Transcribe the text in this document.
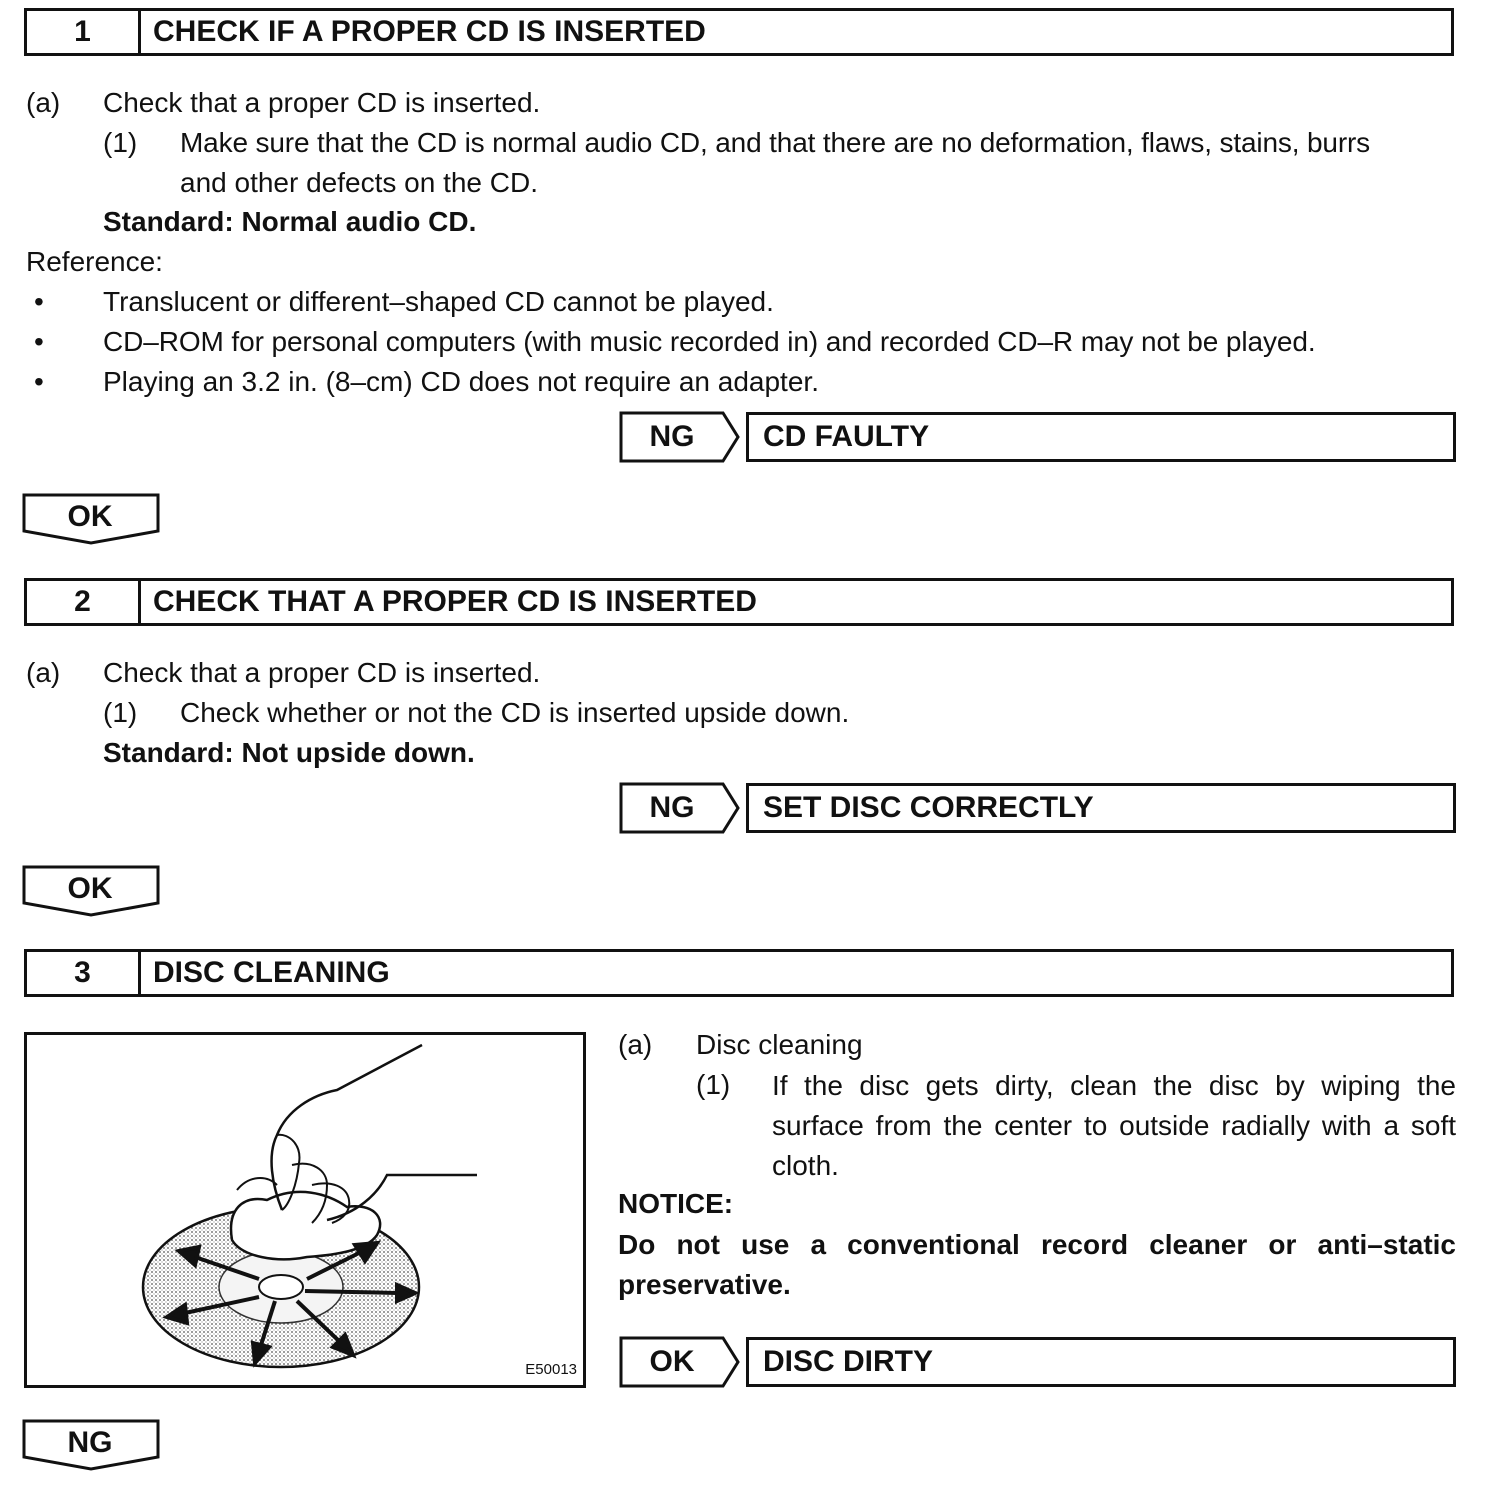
1	CHECK IF A PROPER CD IS INSERTED
(a) Check that a proper CD is inserted.
(1) Make sure that the CD is normal audio CD, and that there are no deformation, flaws, stains, burrs
and other defects on the CD.
Standard: Normal audio CD.
Reference:
• Translucent or different–shaped CD cannot be played.
• CD–ROM for personal computers (with music recorded in) and recorded CD–R may not be played.
• Playing an 3.2 in. (8–cm) CD does not require an adapter.
NG	CD FAULTY
OK
2	CHECK THAT A PROPER CD IS INSERTED
(a) Check that a proper CD is inserted.
(1) Check whether or not the CD is inserted upside down.
Standard: Not upside down.
NG	SET DISC CORRECTLY
OK
3	DISC CLEANING
E50013
(a) Disc cleaning
(1) If the disc gets dirty, clean the disc by wiping the surface from the center to outside radially with a soft cloth.
NOTICE:
Do not use a conventional record cleaner or anti–static preservative.
OK	DISC DIRTY
NG
